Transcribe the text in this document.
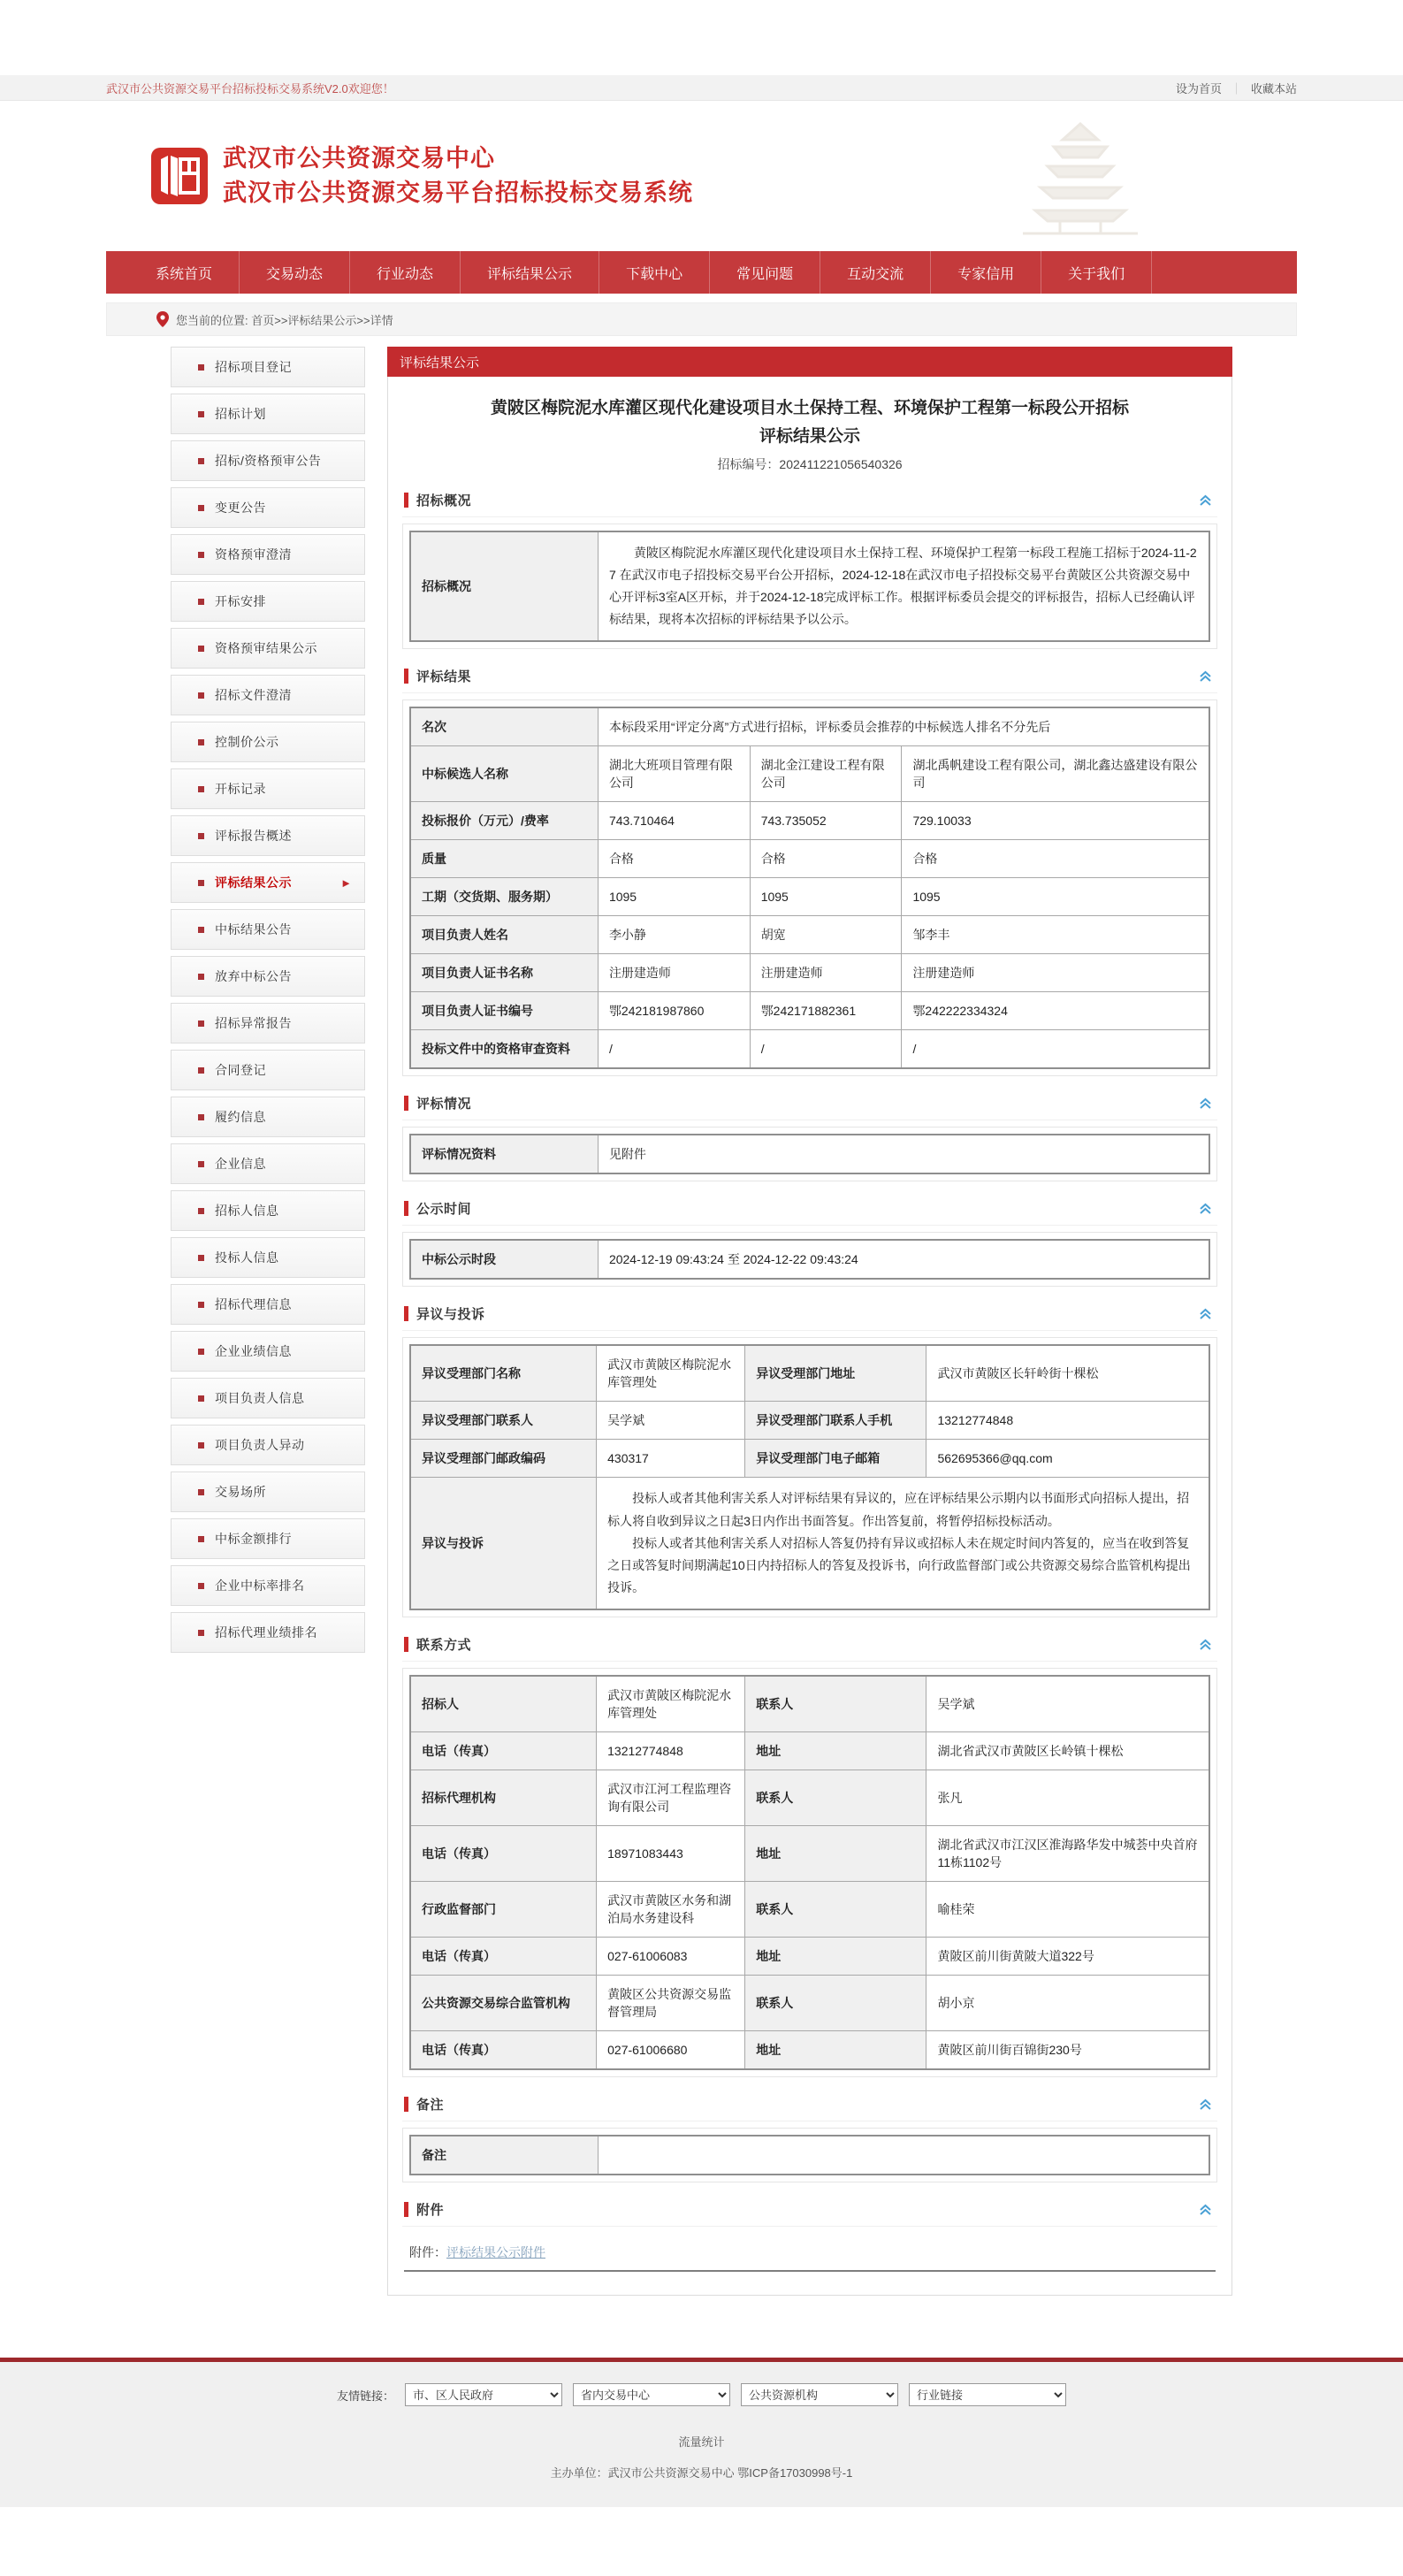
武汉市公共资源交易平台招标投标交易系统V2.0欢迎您！	设为首页 ｜ 收藏本站
武汉市公共资源交易中心
武汉市公共资源交易平台招标投标交易系统
系统首页	交易动态	行业动态	评标结果公示	下载中心	常见问题	互动交流	专家信用	关于我们
您当前的位置: 首页>>评标结果公示>>详情
招标项目登记
招标计划
招标/资格预审公告
变更公告
资格预审澄清
开标安排
资格预审结果公示
招标文件澄清
控制价公示
开标记录
评标报告概述
评标结果公示	►
中标结果公告
放弃中标公告
招标异常报告
合同登记
履约信息
企业信息
招标人信息
投标人信息
招标代理信息
企业业绩信息
项目负责人信息
项目负责人异动
交易场所
中标金额排行
企业中标率排名
招标代理业绩排名
评标结果公示
黄陂区梅院泥水库灌区现代化建设项目水土保持工程、环境保护工程第一标段公开招标
评标结果公示
招标编号：202411221056540326
招标概况
招标概况	黄陂区梅院泥水库灌区现代化建设项目水土保持工程、环境保护工程第一标段工程施工招标于2024-11-27 在武汉市电子招投标交易平台公开招标，2024-12-18在武汉市电子招投标交易平台黄陂区公共资源交易中心开评标3室A区开标，并于2024-12-18完成评标工作。根据评标委员会提交的评标报告，招标人已经确认评标结果，现将本次招标的评标结果予以公示。
评标结果
名次	本标段采用“评定分离”方式进行招标，评标委员会推荐的中标候选人排名不分先后		
中标候选人名称	湖北大班项目管理有限公司	湖北金江建设工程有限公司	湖北禹帆建设工程有限公司，湖北鑫达盛建设有限公司
投标报价（万元）/费率	743.710464	743.735052	729.10033
质量	合格	合格	合格
工期（交货期、服务期）	1095	1095	1095
项目负责人姓名	李小静	胡宽	邹李丰
项目负责人证书名称	注册建造师	注册建造师	注册建造师
项目负责人证书编号	鄂242181987860	鄂242171882361	鄂242222334324
投标文件中的资格审查资料	/	/	/
评标情况
评标情况资料	见附件
公示时间
中标公示时段	2024-12-19 09:43:24 至 2024-12-22 09:43:24
异议与投诉
异议受理部门名称	武汉市黄陂区梅院泥水库管理处	异议受理部门地址	武汉市黄陂区长轩岭街十棵松
异议受理部门联系人	吴学斌	异议受理部门联系人手机	13212774848
异议受理部门邮政编码	430317	异议受理部门电子邮箱	562695366@qq.com
异议与投诉	投标人或者其他利害关系人对评标结果有异议的，应在评标结果公示期内以书面形式向招标人提出，招标人将自收到异议之日起3日内作出书面答复。作出答复前，将暂停招标投标活动。
投标人或者其他利害关系人对招标人答复仍持有异议或招标人未在规定时间内答复的，应当在收到答复之日或答复时间期满起10日内持招标人的答复及投诉书，向行政监督部门或公共资源交易综合监管机构提出投诉。		
联系方式
招标人	武汉市黄陂区梅院泥水库管理处	联系人	吴学斌
电话（传真）	13212774848	地址	湖北省武汉市黄陂区长岭镇十棵松
招标代理机构	武汉市江河工程监理咨询有限公司	联系人	张凡
电话（传真）	18971083443	地址	湖北省武汉市江汉区淮海路华发中城荟中央首府11栋1102号
行政监督部门	武汉市黄陂区水务和湖泊局水务建设科	联系人	喻桂荣
电话（传真）	027-61006083	地址	黄陂区前川街黄陂大道322号
公共资源交易综合监管机构	黄陂区公共资源交易监督管理局	联系人	胡小京
电话（传真）	027-61006680	地址	黄陂区前川街百锦街230号
备注
备注	
附件
附件：评标结果公示附件
友情链接：
市、区人民政府
省内交易中心
公共资源机构
行业链接
流量统计
主办单位：武汉市公共资源交易中心 鄂ICP备17030998号-1
